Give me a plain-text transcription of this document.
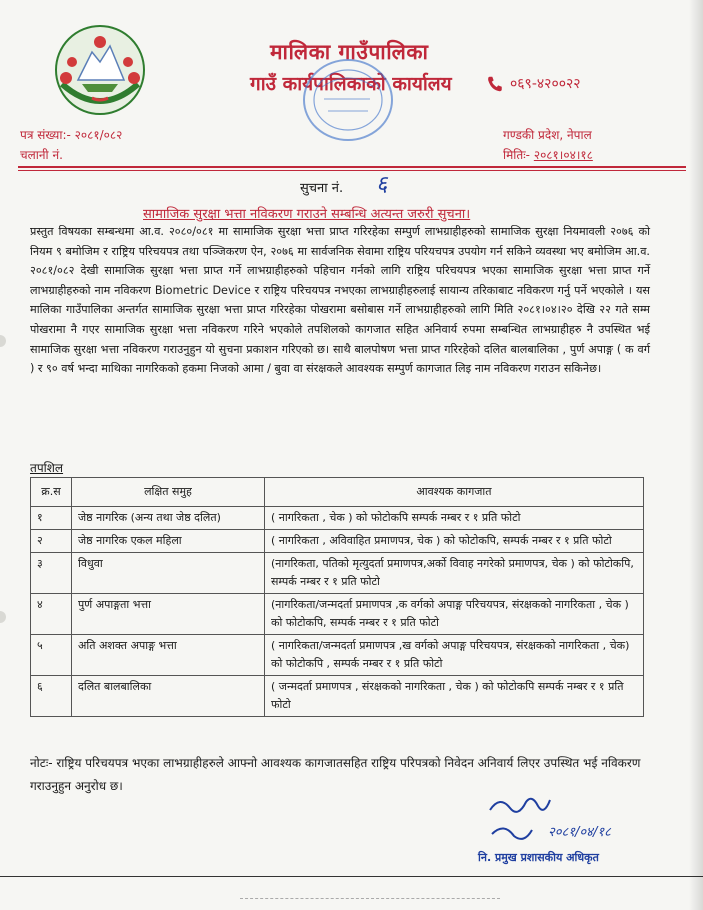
मालिका गाउँपालिका
गाउँ कार्यपालिकाको कार्यालय	०६९-४२००२२
पत्र संख्या:- २०८१/०८२
चलानी नं.
गण्डकी प्रदेश, नेपाल
मितिः- २०८१।०४।१८
सुचना नं. ६
सामाजिक सुरक्षा भत्ता नविकरण गराउने सम्बन्धि अत्यन्त जरुरी सुचना।
प्रस्तुत विषयका सम्बन्धमा आ.व. २०८०/०८१ मा सामाजिक सुरक्षा भत्ता प्राप्त गरिरहेका सम्पुर्ण लाभग्राहीहरुको सामाजिक सुरक्षा नियमावली २०७६ को नियम ९ बमोजिम र राष्ट्रिय परिचयपत्र तथा पञ्जिकरण ऐन, २०७६ मा सार्वजनिक सेवामा राष्ट्रिय परियचपत्र उपयोग गर्न सकिने व्यवस्था भए बमोजिम आ.व. २०८१/०८२ देखी सामाजिक सुरक्षा भत्ता प्राप्त गर्ने लाभग्राहीहरुको पहिचान गर्नको लागि राष्ट्रिय परिचयपत्र भएका सामाजिक सुरक्षा भत्ता प्राप्त गर्ने लाभग्राहीहरुको नाम नविकरण Biometric Device र राष्ट्रिय परिचयपत्र नभएका लाभग्राहीहरुलाई सायान्य तरिकाबाट नविकरण गर्नु पर्ने भएकोले । यस मालिका गाउँपालिका अन्तर्गत सामाजिक सुरक्षा भत्ता प्राप्त गरिरहेका पोखरामा बसोबास गर्ने लाभग्राहीहरुको लागि मिति २०८१।०४।२० देखि २२ गते सम्म पोखरामा नै गएर सामाजिक सुरक्षा भत्ता नविकरण गरिने भएकोले तपशिलको कागजात सहित अनिवार्य रुपमा सम्बन्धित लाभग्राहीहरु नै उपस्थित भई सामाजिक सुरक्षा भत्ता नविकरण गराउनुहुन यो सुचना प्रकाशन गरिएको छ। साथै बालपोषण भत्ता प्राप्त गरिरहेको दलित बालबालिका , पुर्ण अपाङ्ग ( क वर्ग ) र ९० वर्ष भन्दा माथिका नागरिकको हकमा निजको आमा / बुवा वा संरक्षकले आवश्यक सम्पुर्ण कागजात लिइ नाम नविकरण गराउन सकिनेछ।
तपशिल
क्र.स	लक्षित समुह	आवश्यक कागजात
१	जेष्ठ नागरिक (अन्य तथा जेष्ठ दलित)	( नागरिकता , चेक ) को फोटोकपि सम्पर्क नम्बर र १ प्रति फोटो
२	जेष्ठ नागरिक एकल महिला	( नागरिकता , अविवाहित प्रमाणपत्र, चेक ) को फोटोकपि, सम्पर्क नम्बर र १ प्रति फोटो
३	विधुवा	(नागरिकता, पतिको मृत्युदर्ता प्रमाणपत्र,अर्को विवाह नगरेको प्रमाणपत्र, चेक ) को फोटोकपि, सम्पर्क नम्बर र १ प्रति फोटो
४	पुर्ण अपाङ्गता भत्ता	(नागरिकता/जन्मदर्ता प्रमाणपत्र ,क वर्गको अपाङ्ग परिचयपत्र, संरक्षकको नागरिकता , चेक ) को फोटोकपि, सम्पर्क नम्बर र १ प्रति फोटो
५	अति अशक्त अपाङ्ग भत्ता	( नागरिकता/जन्मदर्ता प्रमाणपत्र ,ख वर्गको अपाङ्ग परिचयपत्र, संरक्षकको नागरिकता , चेक) को फोटोकपि , सम्पर्क नम्बर र १ प्रति फोटो
६	दलित बालबालिका	( जन्मदर्ता प्रमाणपत्र , संरक्षकको नागरिकता , चेक ) को फोटोकपि सम्पर्क नम्बर र १ प्रति फोटो
नोटः- राष्ट्रिय परिचयपत्र भएका लाभग्राहीहरुले आफ्नो आवश्यक कागजातसहित राष्ट्रिय परिपत्रको निवेदन अनिवार्य लिएर उपस्थित भई नविकरण गराउनुहुन अनुरोध छ।
२०८१/०४/१८
नि. प्रमुख प्रशासकीय अधिकृत
